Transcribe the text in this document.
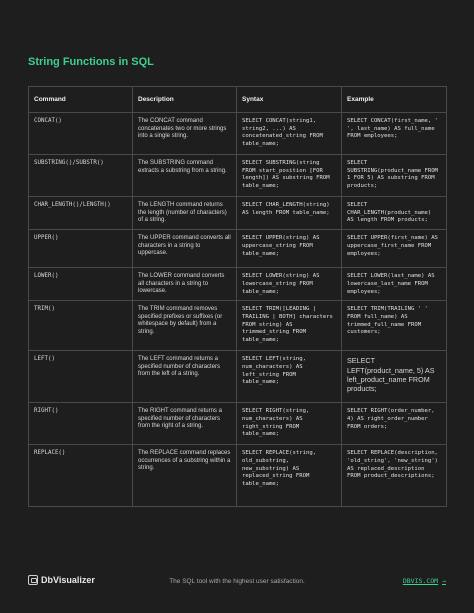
String Functions in SQL
Command	Description	Syntax	Example
CONCAT()	The CONCAT command concatenates two or more strings into a single string.	SELECT CONCAT(string1, string2, ...) AS concatenated_string FROM table_name;	SELECT CONCAT(first_name, ' ', last_name) AS full_name FROM employees;
SUBSTRING()/SUBSTR()	The SUBSTRING command extracts a substring from a string.	SELECT SUBSTRING(string FROM start_position [FOR length]) AS substring FROM table_name;	SELECT SUBSTRING(product_name FROM 1 FOR 5) AS substring FROM products;
CHAR_LENGTH()/LENGTH()	The LENGTH command returns the length (number of characters) of a string.	SELECT CHAR_LENGTH(string) AS length FROM table_name;	SELECT CHAR_LENGTH(product_name) AS length FROM products;
UPPER()	The UPPER command converts all characters in a string to uppercase.	SELECT UPPER(string) AS uppercase_string FROM table_name;	SELECT UPPER(first_name) AS uppercase_first_name FROM employees;
LOWER()	The LOWER command converts all characters in a string to lowercase.	SELECT LOWER(string) AS lowercase_string FROM table_name;	SELECT LOWER(last_name) AS lowercase_last_name FROM employees;
TRIM()	The TRIM command removes specified prefixes or suffixes (or whitespace by default) from a string.	SELECT TRIM([LEADING | TRAILING | BOTH] characters FROM string) AS trimmed_string FROM table_name;	SELECT TRIM(TRAILING ' ' FROM full_name) AS trimmed_full_name FROM customers;
LEFT()	The LEFT command returns a specified number of characters from the left of a string.	SELECT LEFT(string, num_characters) AS left_string FROM table_name;	SELECT LEFT(product_name, 5) AS left_product_name FROM products;
RIGHT()	The RIGHT command returns a specified number of characters from the right of a string.	SELECT RIGHT(string, num_characters) AS right_string FROM table_name;	SELECT RIGHT(order_number, 4) AS right_order_number FROM orders;
REPLACE()	The REPLACE command replaces occurrences of a substring within a string.	SELECT REPLACE(string, old_substring, new_substring) AS replaced_string FROM table_name;	SELECT REPLACE(description, 'old_string', 'new_string') AS replaced_description FROM product_descriptions;
DbVisualizer	The SQL tool with the highest user satisfaction.	DBVIS.COM →
